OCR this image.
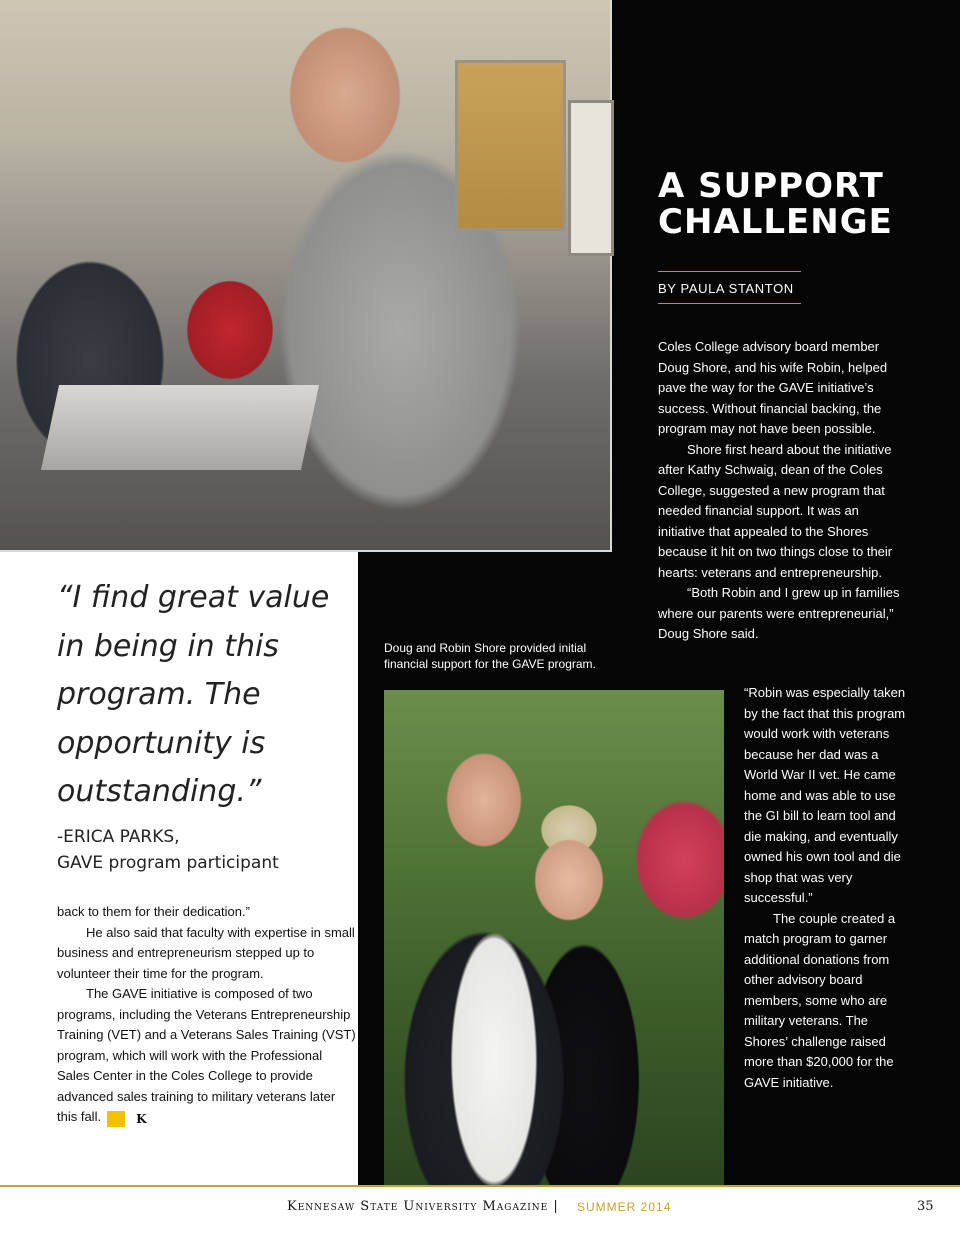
“I find great value in being in this program. The opportunity is outstanding.”
-ERICA PARKS,
GAVE program participant

back to them for their dedication.”

He also said that faculty with expertise in small business and entrepreneurism stepped up to volunteer their time for the program.

The GAVE initiative is composed of two programs, including the Veterans Entrepreneurship Training (VET) and a Veterans Sales Training (VST) program, which will work with the Professional Sales Center in the Coles College to provide advanced sales training to military veterans later this fall.	K

A SUPPORT
CHALLENGE
BY PAULA STANTON

Coles College advisory board member Doug Shore, and his wife Robin, helped pave the way for the GAVE initiative’s success. Without financial backing, the program may not have been possible.

Shore first heard about the initiative after Kathy Schwaig, dean of the Coles College, suggested a new program that needed financial support. It was an initiative that appealed to the Shores because it hit on two things close to their hearts: veterans and entrepreneurship.

“Both Robin and I grew up in families where our parents were entrepreneurial,” Doug Shore said.

Doug and Robin Shore provided initial financial support for the GAVE program.

“Robin was especially taken by the fact that this program would work with veterans because her dad was a World War II vet. He came home and was able to use the GI bill to learn tool and die making, and eventually owned his own tool and die shop that was very successful.”

The couple created a match program to garner additional donations from other advisory board members, some who are military veterans. The Shores’ challenge raised more than $20,000 for the GAVE initiative.

Kennesaw State University Magazine | SUMMER 2014	35
